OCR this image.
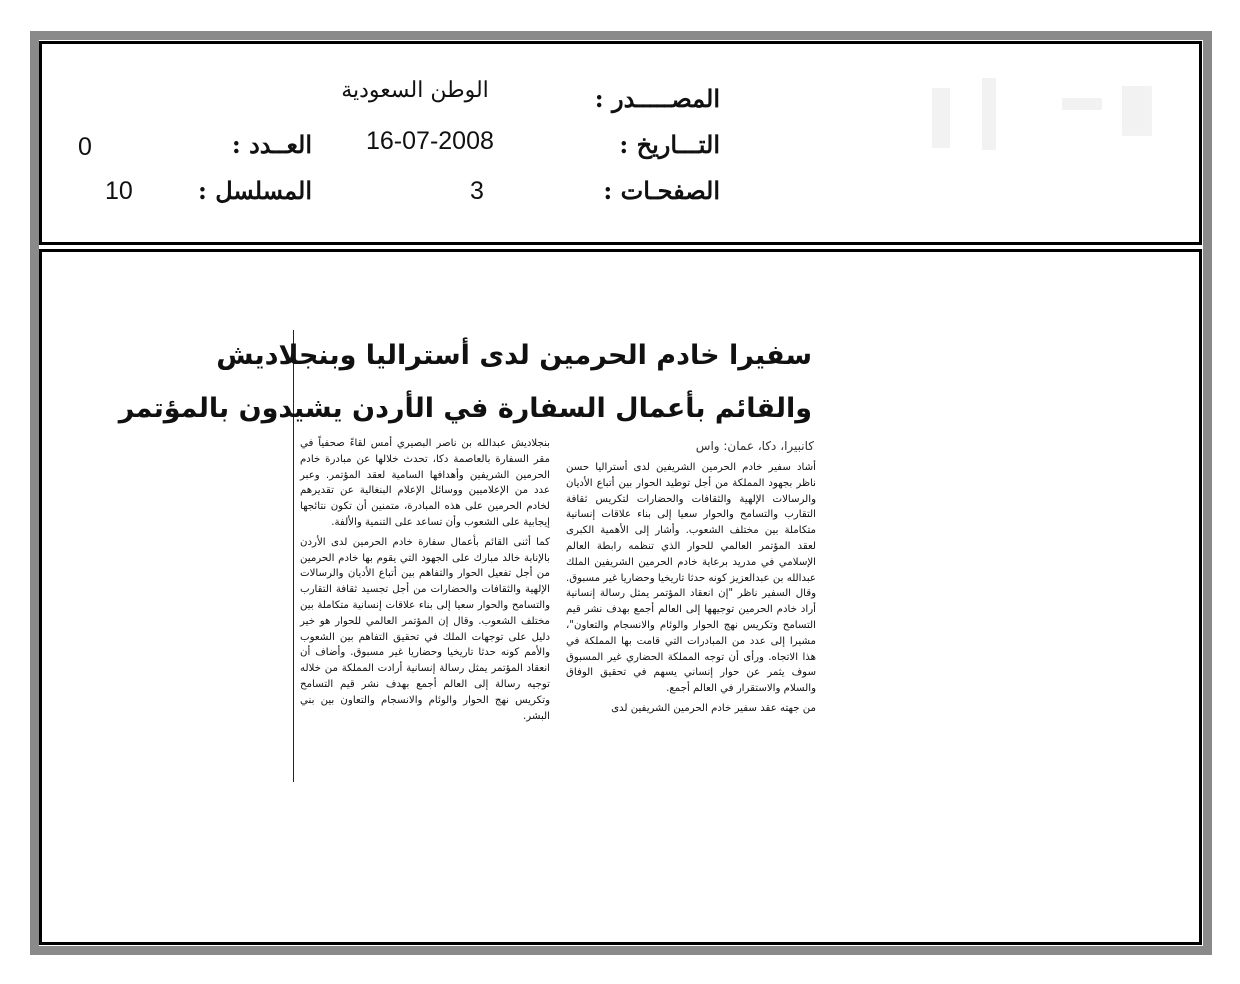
المصـــــدر :
الوطن السعودية
التـــاريخ :
16-07-2008
الصفحـات :
3
العــدد :
0
المسلسل :
10
سفيرا خادم الحرمين لدى أستراليا وبنجلاديش
والقائم بأعمال السفارة في الأردن يشيدون بالمؤتمر
كانبيرا، دكا، عمان: واس

أشاد سفير خادم الحرمين الشريفين لدى أستراليا حسن ناظر بجهود المملكة من أجل توطيد الحوار بين أتباع الأديان والرسالات الإلهية والثقافات والحضارات لتكريس ثقافة التقارب والتسامح والحوار سعيا إلى بناء علاقات إنسانية متكاملة بين مختلف الشعوب. وأشار إلى الأهمية الكبرى لعقد المؤتمر العالمي للحوار الذي تنظمه رابطة العالم الإسلامي في مدريد برعاية خادم الحرمين الشريفين الملك عبدالله بن عبدالعزيز كونه حدثا تاريخيا وحضاريا غير مسبوق. وقال السفير ناظر "إن انعقاد المؤتمر يمثل رسالة إنسانية أراد خادم الحرمين توجيهها إلى العالم أجمع بهدف نشر قيم التسامح وتكريس نهج الحوار والوئام والانسجام والتعاون"، مشيرا إلى عدد من المبادرات التي قامت بها المملكة في هذا الاتجاه. ورأى أن توجه المملكة الحضاري غير المسبوق سوف يثمر عن حوار إنساني يسهم في تحقيق الوفاق والسلام والاستقرار في العالم أجمع.

من جهته عقد سفير خادم الحرمين الشريفين لدى

بنجلاديش عبدالله بن ناصر البصيري أمس لقاءً صحفياً في مقر السفارة بالعاصمة دكا، تحدث خلالها عن مبادرة خادم الحرمين الشريفين وأهدافها السامية لعقد المؤتمر. وعبر عدد من الإعلاميين ووسائل الإعلام البنغالية عن تقديرهم لخادم الحرمين على هذه المبادرة، متمنين أن تكون نتائجها إيجابية على الشعوب وأن تساعد على التنمية والألفة.

كما أثنى القائم بأعمال سفارة خادم الحرمين لدى الأردن بالإنابة خالد مبارك على الجهود التي يقوم بها خادم الحرمين من أجل تفعيل الحوار والتفاهم بين أتباع الأديان والرسالات الإلهية والثقافات والحضارات من أجل تجسيد ثقافة التقارب والتسامح والحوار سعيا إلى بناء علاقات إنسانية متكاملة بين مختلف الشعوب. وقال إن المؤتمر العالمي للحوار هو خير دليل على توجهات الملك في تحقيق التفاهم بين الشعوب والأمم كونه حدثا تاريخيا وحضاريا غير مسبوق. وأضاف أن انعقاد المؤتمر يمثل رسالة إنسانية أرادت المملكة من خلاله توجيه رسالة إلى العالم أجمع بهدف نشر قيم التسامح وتكريس نهج الحوار والوئام والانسجام والتعاون بين بني البشر.
